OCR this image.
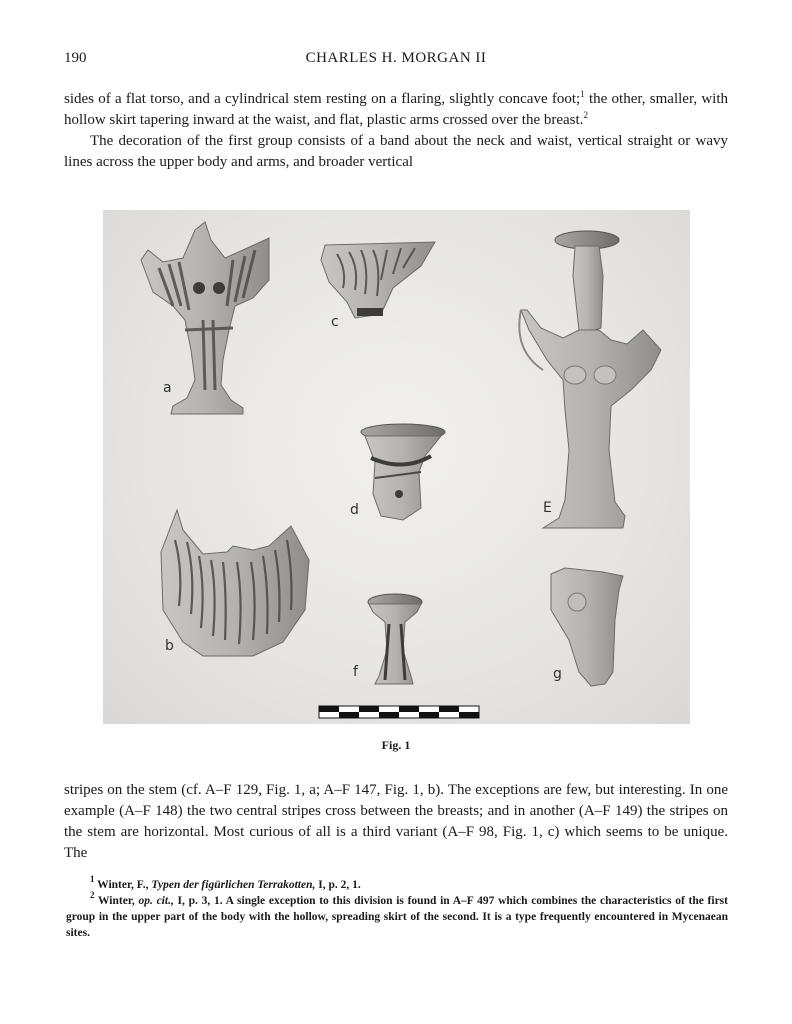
190	CHARLES H. MORGAN II

sides of a flat torso, and a cylindrical stem resting on a flaring, slightly concave foot;$^1$ the other, smaller, with hollow skirt tapering inward at the waist, and flat, plastic arms crossed over the breast.$^2$

The decoration of the first group consists of a band about the neck and waist, vertical straight or wavy lines across the upper body and arms, and broader vertical

a
c
E
d
b
f	g
Fig. 1

stripes on the stem (cf. A–F 129, Fig. 1, a; A–F 147, Fig. 1, b). The exceptions are few, but interesting. In one example (A–F 148) the two central stripes cross between the breasts; and in another (A–F 149) the stripes on the stem are horizontal. Most curious of all is a third variant (A–F 98, Fig. 1, c) which seems to be unique. The

$^1$ Winter, F., Typen der figürlichen Terrakotten, I, p. 2, 1.

$^2$ Winter, op. cit., I, p. 3, 1. A single exception to this division is found in A–F 497 which combines the characteristics of the first group in the upper part of the body with the hollow, spreading skirt of the second. It is a type frequently encountered in Mycenaean sites.
